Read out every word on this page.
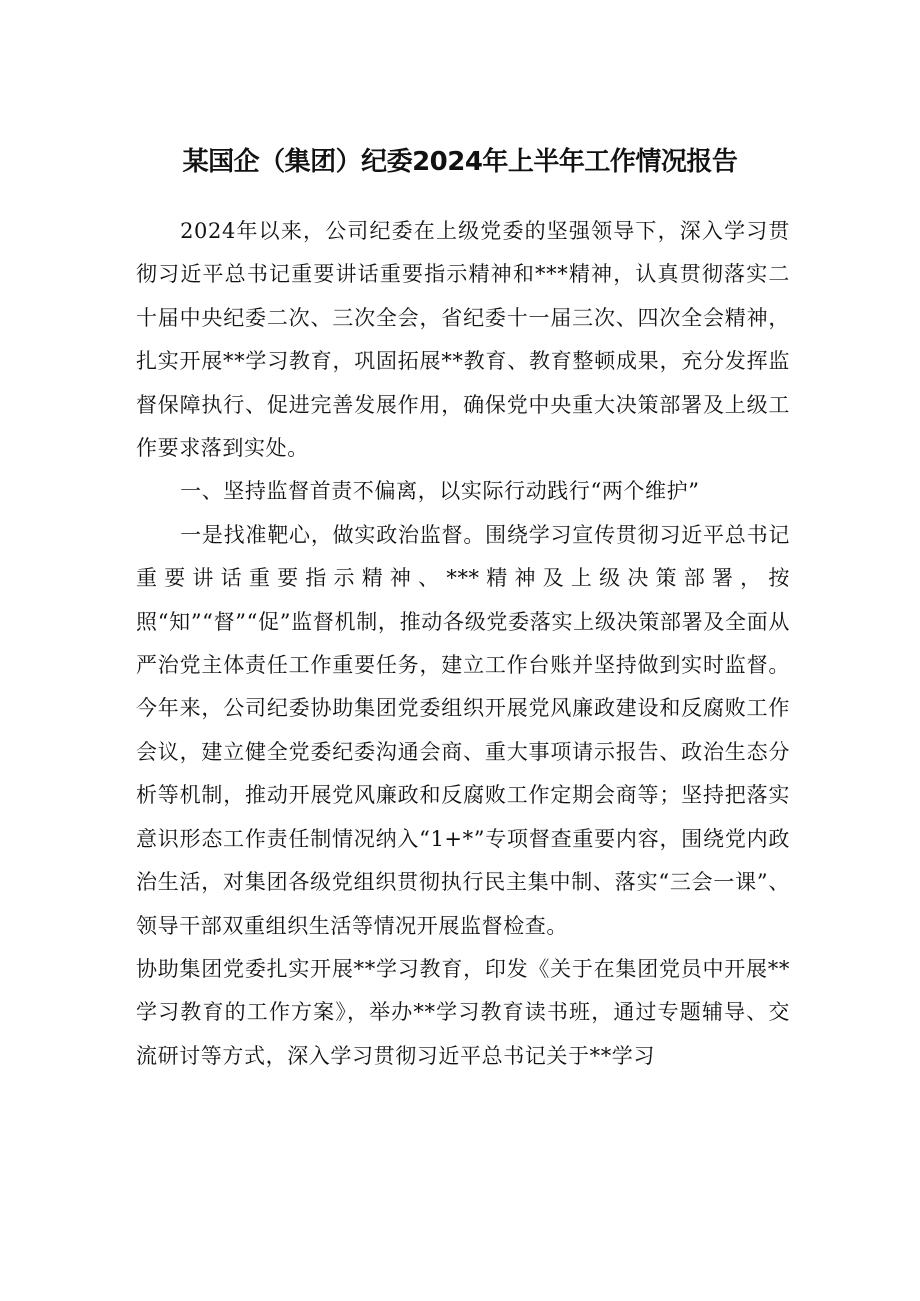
某国企（集团）纪委2024年上半年工作情况报告

2024年以来，公司纪委在上级党委的坚强领导下，深入学习贯彻习近平总书记重要讲话重要指示精神和***精神，认真贯彻落实二十届中央纪委二次、三次全会，省纪委十一届三次、四次全会精神，扎实开展**学习教育，巩固拓展**教育、教育整顿成果，充分发挥监督保障执行、促进完善发展作用，确保党中央重大决策部署及上级工作要求落到实处。

一、坚持监督首责不偏离，以实际行动践行“两个维护”

一是找准靶心，做实政治监督。围绕学习宣传贯彻习近平总书记重要讲话重要指示精神、***精神及上级决策部署，按照“知”“督”“促”监督机制，推动各级党委落实上级决策部署及全面从严治党主体责任工作重要任务，建立工作台账并坚持做到实时监督。今年来，公司纪委协助集团党委组织开展党风廉政建设和反腐败工作会议，建立健全党委纪委沟通会商、重大事项请示报告、政治生态分析等机制，推动开展党风廉政和反腐败工作定期会商等；坚持把落实意识形态工作责任制情况纳入“1+*”专项督查重要内容，围绕党内政治生活，对集团各级党组织贯彻执行民主集中制、落实“三会一课”、领导干部双重组织生活等情况开展监督检查。

协助集团党委扎实开展**学习教育，印发《关于在集团党员中开展**学习教育的工作方案》，举办**学习教育读书班，通过专题辅导、交流研讨等方式，深入学习贯彻习近平总书记关于**学习
